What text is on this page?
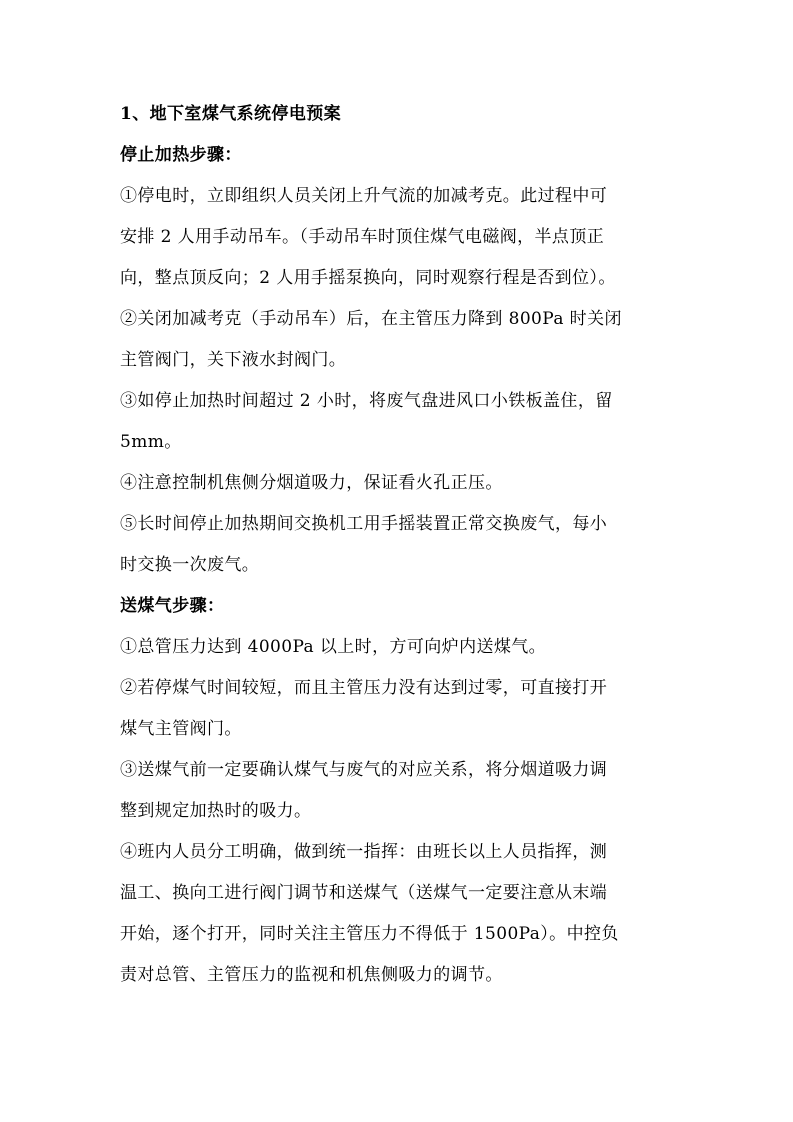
1、地下室煤气系统停电预案
停止加热步骤：
①停电时，立即组织人员关闭上升气流的加减考克。此过程中可
安排 2 人用手动吊车。（手动吊车时顶住煤气电磁阀，半点顶正
向，整点顶反向；2 人用手摇泵换向，同时观察行程是否到位）。
②关闭加减考克（手动吊车）后，在主管压力降到 800Pa 时关闭
主管阀门，关下液水封阀门。
③如停止加热时间超过 2 小时，将废气盘进风口小铁板盖住，留
5mm。
④注意控制机焦侧分烟道吸力，保证看火孔正压。
⑤长时间停止加热期间交换机工用手摇装置正常交换废气，每小
时交换一次废气。
送煤气步骤：
①总管压力达到 4000Pa 以上时，方可向炉内送煤气。
②若停煤气时间较短，而且主管压力没有达到过零，可直接打开
煤气主管阀门。
③送煤气前一定要确认煤气与废气的对应关系，将分烟道吸力调
整到规定加热时的吸力。
④班内人员分工明确，做到统一指挥：由班长以上人员指挥，测
温工、换向工进行阀门调节和送煤气（送煤气一定要注意从末端
开始，逐个打开，同时关注主管压力不得低于 1500Pa）。中控负
责对总管、主管压力的监视和机焦侧吸力的调节。
